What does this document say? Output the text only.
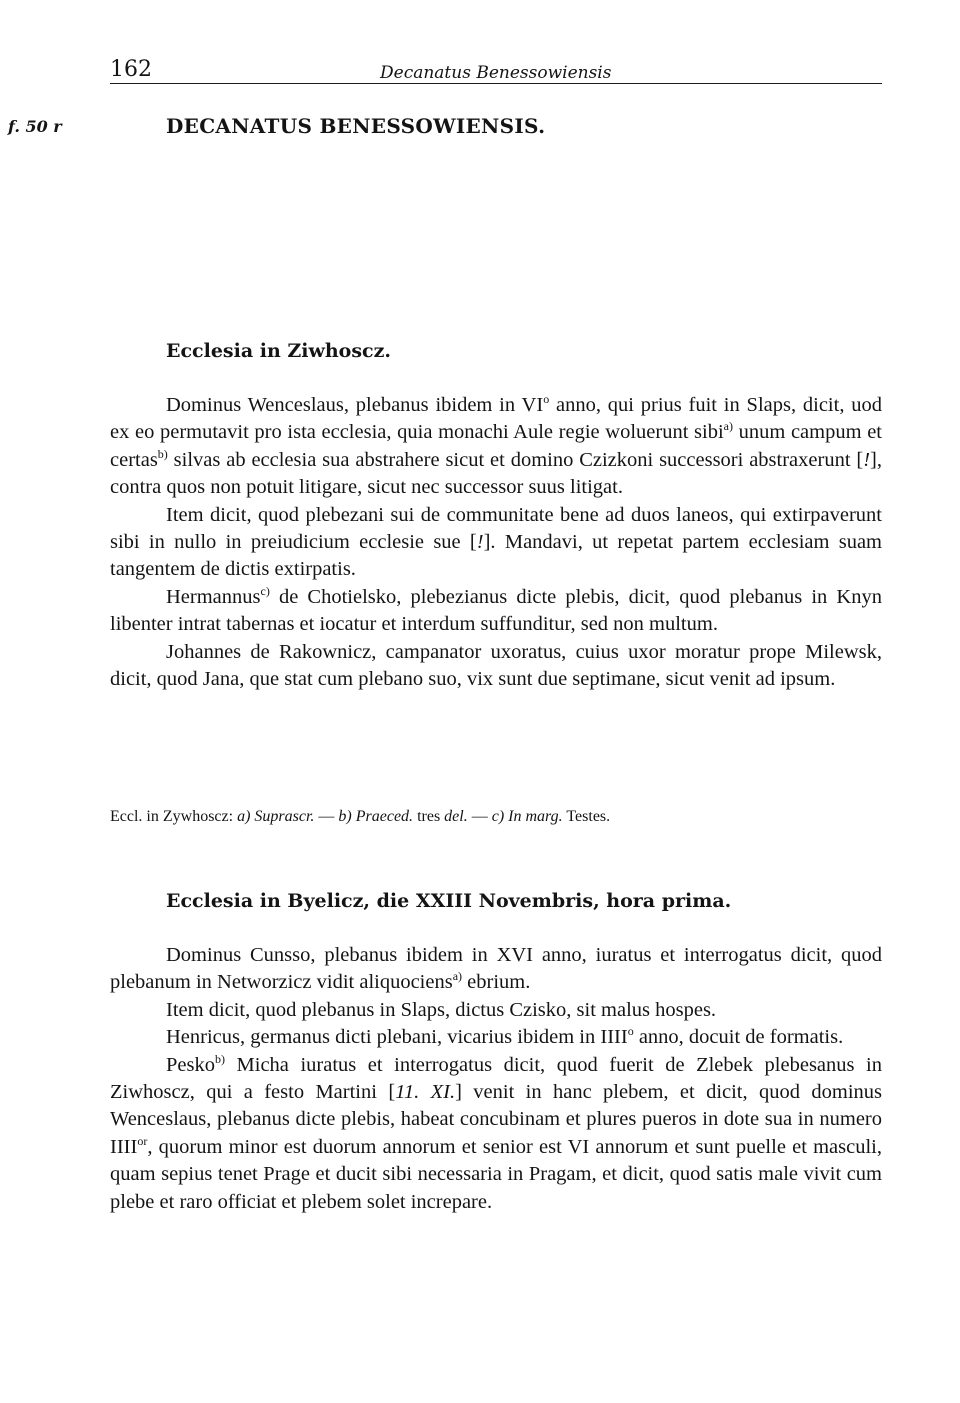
162	Decanatus Benessowiensis
f. 50 r	DECANATUS BENESSOWIENSIS.
Ecclesia in Ziwhoscz.

Dominus Wenceslaus, plebanus ibidem in $VI^o$ anno, qui prius fuit in Slaps, dicit, uod ex eo permutavit pro ista ecclesia, quia monachi Aule regie woluerunt sibi$^{a)}$ unum campum et certas$^{b)}$ silvas ab ecclesia sua abstrahere sicut et domino Czizkoni successori abstraxerunt [!], contra quos non potuit litigare, sicut nec successor suus litigat.

Item dicit, quod plebezani sui de communitate bene ad duos laneos, qui extirpaverunt sibi in nullo in preiudicium ecclesie sue [!]. Mandavi, ut repetat partem ecclesiam suam tangentem de dictis extirpatis.

Hermannus$^{c)}$ de Chotielsko, plebezianus dicte plebis, dicit, quod plebanus in Knyn libenter intrat tabernas et iocatur et interdum suffunditur, sed non multum.

Johannes de Rakownicz, campanator uxoratus, cuius uxor moratur prope Milewsk, dicit, quod Jana, que stat cum plebano suo, vix sunt due septimane, sicut venit ad ipsum.

Eccl. in Zywhoscz: a) Suprascr. — b) Praeced. tres del. — c) In marg. Testes.
Ecclesia in Byelicz, die XXIII Novembris, hora prima.

Dominus Cunsso, plebanus ibidem in XVI anno, iuratus et interrogatus dicit, quod plebanum in Networzicz vidit aliquociens$^{a)}$ ebrium.

Item dicit, quod plebanus in Slaps, dictus Czisko, sit malus hospes.

Henricus, germanus dicti plebani, vicarius ibidem in IIII$^o$ anno, docuit de formatis.

Pesko$^{b)}$ Micha iuratus et interrogatus dicit, quod fuerit de Zlebek plebesanus in Ziwhoscz, qui a festo Martini [11. XI.] venit in hanc plebem, et dicit, quod dominus Wenceslaus, plebanus dicte plebis, habeat concubinam et plures pueros in dote sua in numero $IIII^{or}$, quorum minor est duorum annorum et senior est VI annorum et sunt puelle et masculi, quam sepius tenet Prage et ducit sibi necessaria in Pragam, et dicit, quod satis male vivit cum plebe et raro officiat et plebem solet increpare.
